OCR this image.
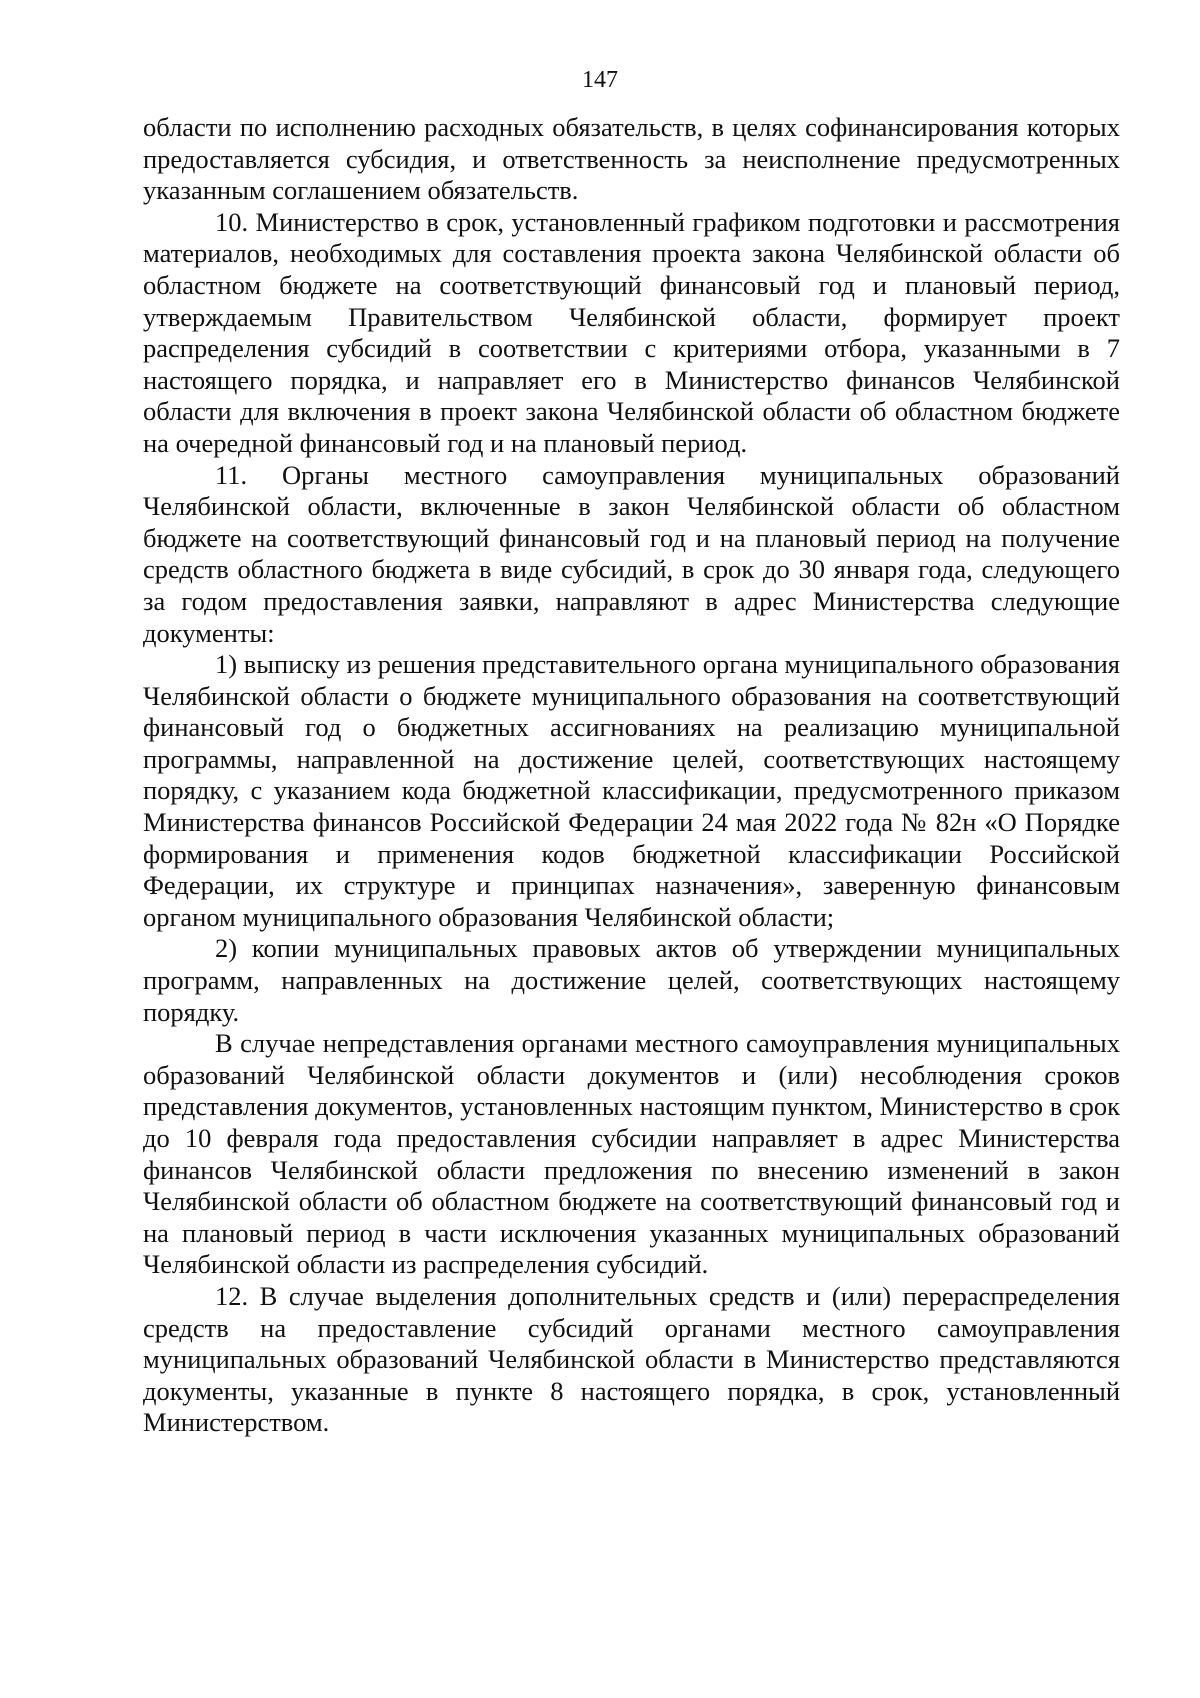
147

области по исполнению расходных обязательств, в целях софинансирования которых предоставляется субсидия, и ответственность за неисполнение предусмотренных указанным соглашением обязательств.

10. Министерство в срок, установленный графиком подготовки и рассмотрения материалов, необходимых для составления проекта закона Челябинской области об областном бюджете на соответствующий финансовый год и плановый период, утверждаемым Правительством Челябинской области, формирует проект распределения субсидий в соответствии с критериями отбора, указанными в 7 настоящего порядка, и направляет его в Министерство финансов Челябинской области для включения в проект закона Челябинской области об областном бюджете на очередной финансовый год и на плановый период.

11. Органы местного самоуправления муниципальных образований Челябинской области, включенные в закон Челябинской области об областном бюджете на соответствующий финансовый год и на плановый период на получение средств областного бюджета в виде субсидий, в срок до 30 января года, следующего за годом предоставления заявки, направляют в адрес Министерства следующие документы:

1) выписку из решения представительного органа муниципального образования Челябинской области о бюджете муниципального образования на соответствующий финансовый год о бюджетных ассигнованиях на реализацию муниципальной программы, направленной на достижение целей, соответствующих настоящему порядку, с указанием кода бюджетной классификации, предусмотренного приказом Министерства финансов Российской Федерации 24 мая 2022 года № 82н «О Порядке формирования и применения кодов бюджетной классификации Российской Федерации, их структуре и принципах назначения», заверенную финансовым органом муниципального образования Челябинской области;

2) копии муниципальных правовых актов об утверждении муниципальных программ, направленных на достижение целей, соответствующих настоящему порядку.

В случае непредставления органами местного самоуправления муниципальных образований Челябинской области документов и (или) несоблюдения сроков представления документов, установленных настоящим пунктом, Министерство в срок до 10 февраля года предоставления субсидии направляет в адрес Министерства финансов Челябинской области предложения по внесению изменений в закон Челябинской области об областном бюджете на соответствующий финансовый год и на плановый период в части исключения указанных муниципальных образований Челябинской области из распределения субсидий.

12. В случае выделения дополнительных средств и (или) перераспределения средств на предоставление субсидий органами местного самоуправления муниципальных образований Челябинской области в Министерство представляются документы, указанные в пункте 8 настоящего порядка, в срок, установленный Министерством.
